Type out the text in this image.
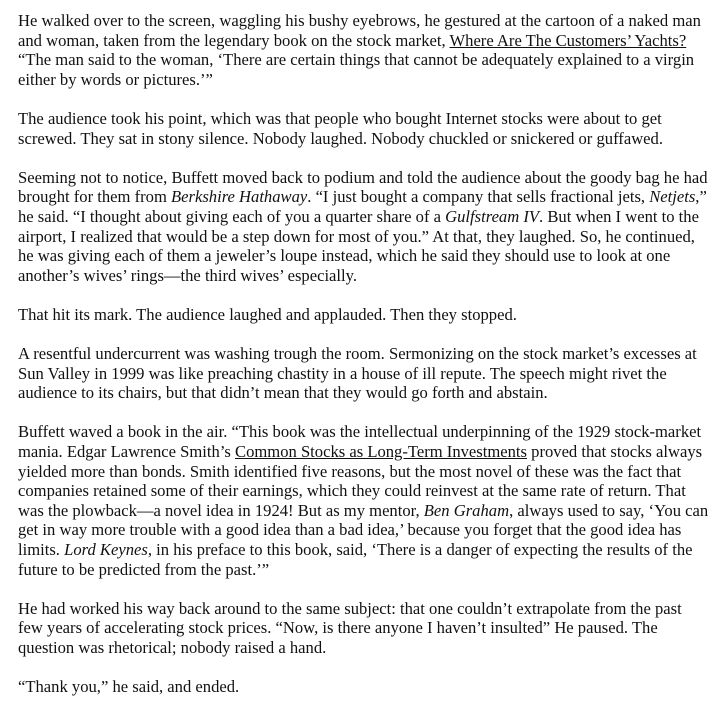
He walked over to the screen, waggling his bushy eyebrows, he gestured at the cartoon of a naked man and woman, taken from the legendary book on the stock market, Where Are The Customers’ Yachts? “The man said to the woman, ‘There are certain things that cannot be adequately explained to a virgin either by words or pictures.’”

The audience took his point, which was that people who bought Internet stocks were about to get screwed. They sat in stony silence. Nobody laughed. Nobody chuckled or snickered or guffawed.

Seeming not to notice, Buffett moved back to podium and told the audience about the goody bag he had brought for them from Berkshire Hathaway. “I just bought a company that sells fractional jets, Netjets,” he said. “I thought about giving each of you a quarter share of a Gulfstream IV. But when I went to the airport, I realized that would be a step down for most of you.” At that, they laughed. So, he continued, he was giving each of them a jeweler’s loupe instead, which he said they should use to look at one another’s wives’ rings—the third wives’ especially.

That hit its mark. The audience laughed and applauded. Then they stopped.

A resentful undercurrent was washing trough the room. Sermonizing on the stock market’s excesses at Sun Valley in 1999 was like preaching chastity in a house of ill repute. The speech might rivet the audience to its chairs, but that didn’t mean that they would go forth and abstain.

Buffett waved a book in the air. “This book was the intellectual underpinning of the 1929 stock-market mania. Edgar Lawrence Smith’s Common Stocks as Long-Term Investments proved that stocks always yielded more than bonds. Smith identified five reasons, but the most novel of these was the fact that companies retained some of their earnings, which they could reinvest at the same rate of return. That was the plowback—a novel idea in 1924! But as my mentor, Ben Graham, always used to say, ‘You can get in way more trouble with a good idea than a bad idea,’ because you forget that the good idea has limits. Lord Keynes, in his preface to this book, said, ‘There is a danger of expecting the results of the future to be predicted from the past.’”

He had worked his way back around to the same subject: that one couldn’t extrapolate from the past few years of accelerating stock prices. “Now, is there anyone I haven’t insulted” He paused. The question was rhetorical; nobody raised a hand.

“Thank you,” he said, and ended.
